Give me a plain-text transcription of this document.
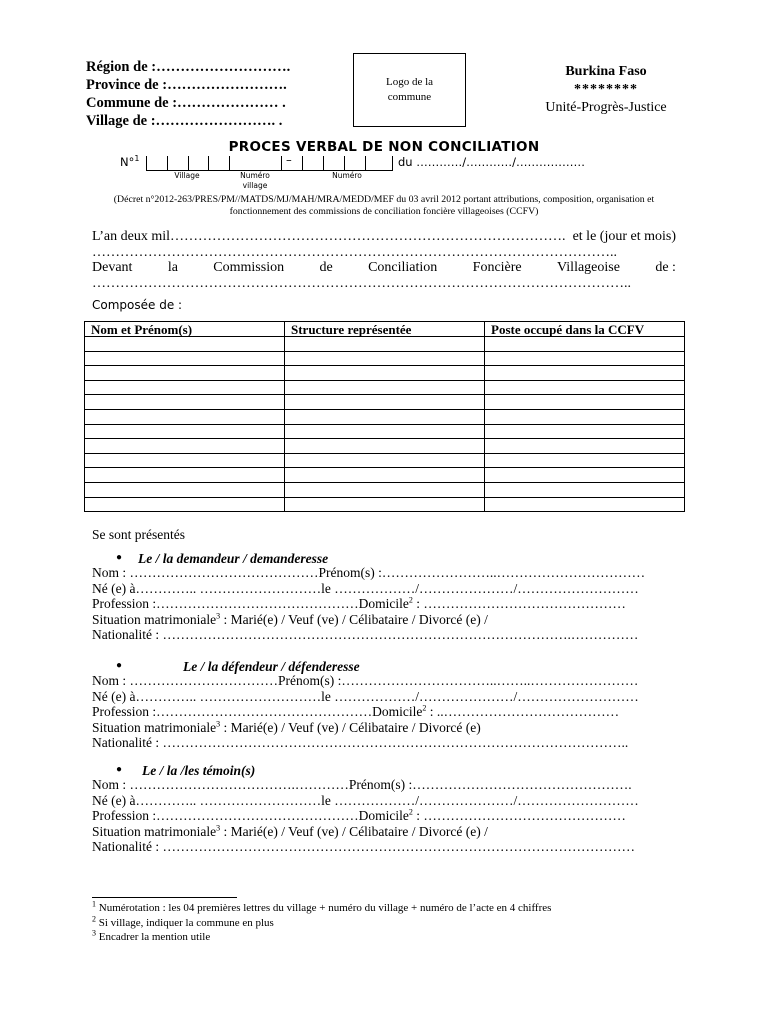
Région de :……………………….
Province de :…………………….
Commune de :………………… .
Village de :……………………. .
Logo de la
commune
Burkina Faso
********
Unité-Progrès-Justice
PROCES VERBAL DE NON CONCILIATION
N°$^1$	–	du …………/…………/………………
Village	Numéro
village
Numéro
(Décret n°2012-263/PRES/PM//MATDS/MJ/MAH/MRA/MEDD/MEF du 03 avril 2012 portant attributions, composition, organisation et
fonctionnement des commissions de conciliation foncière villageoises (CCFV)
L’an deux mil…………………………………………………………………………. et le (jour et mois)
…………………………………………………………………………………………………..
Devant	la	Commission	de	Conciliation	Foncière	Villageoise	de :
……………………………………………………………………………………………………..
Composée de :
Nom et Prénom(s)	Structure représentée	Poste occupé dans la CCFV

Se sont présentés
● Le / la demandeur / demanderesse
Nom : ……………………………………Prénom(s) :……………………..……………………………
Né (e) à………….. ………………………le ………………/…………………/………………………
Profession :………………………………………Domicile$^2$ : ………………………………………
Situation matrimoniale$^3$ : Marié(e) / Veuf (ve) / Célibataire / Divorcé (e) /
Nationalité : ……………………………………………………………………………….……………
●	Le / la défendeur / défenderesse
Nom : ……………………………Prénom(s) :……………………………..……..……………………
Né (e) à………….. ………………………le ………………/…………………/………………………
Profession :…………………………………………Domicile$^2$ : ..…………………………………
Situation matrimoniale$^3$ : Marié(e) / Veuf (ve) / Célibataire / Divorcé (e)
Nationalité : …………………………………………………………………………………………..
● Le / la /les témoin(s)
Nom : ……………………………….…………Prénom(s) :………………………………………….
Né (e) à………….. ………………………le ………………/…………………/………………………
Profession :………………………………………Domicile$^2$ : ………………………………………
Situation matrimoniale$^3$ : Marié(e) / Veuf (ve) / Célibataire / Divorcé (e) /
Nationalité : ……………………………………………………………………………………………
$^1$ Numérotation : les 04 premières lettres du village + numéro du village + numéro de l’acte en 4 chiffres
$^2$ Si village, indiquer la commune en plus
$^3$ Encadrer la mention utile
